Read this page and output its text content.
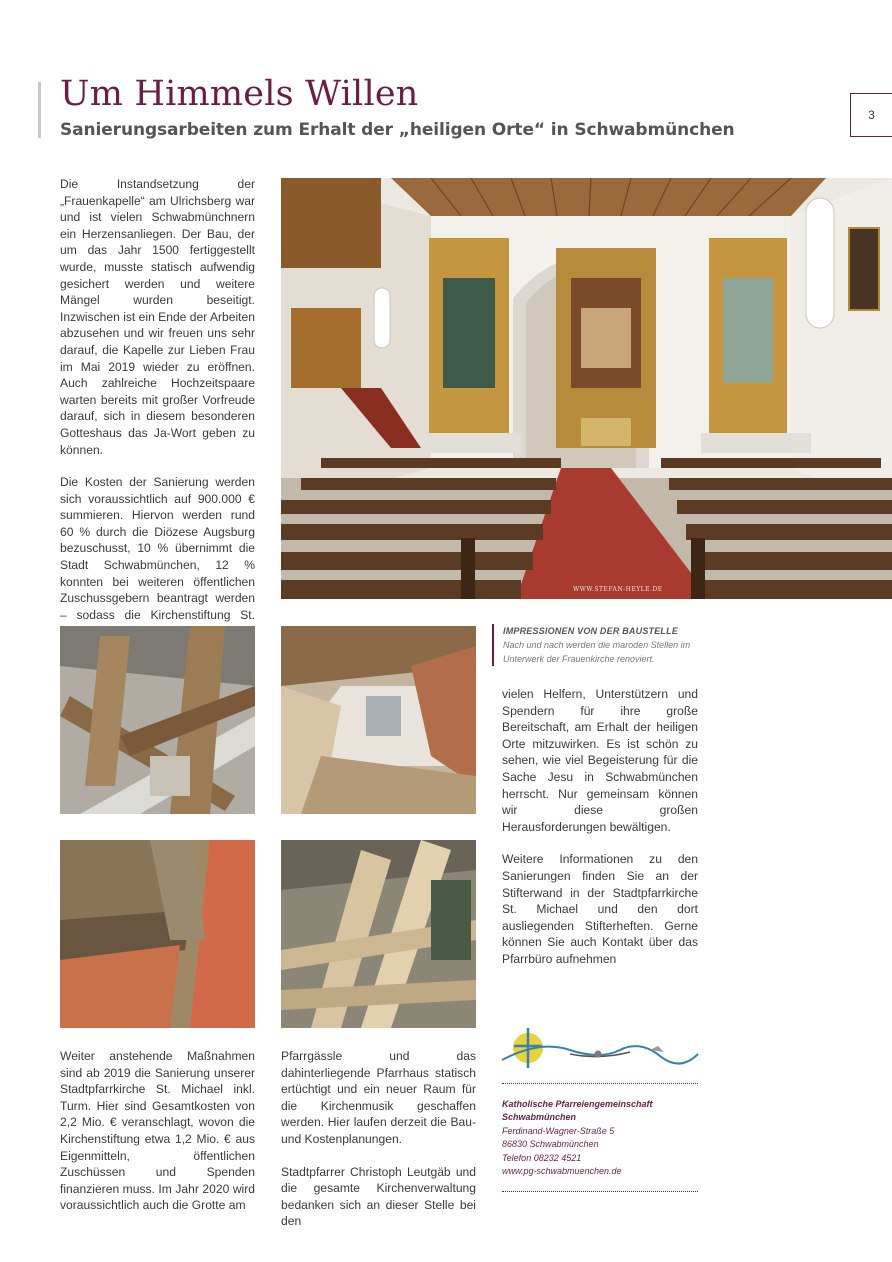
Um Himmels Willen
Sanierungsarbeiten zum Erhalt der „heiligen Orte“ in Schwabmünchen
3

Die Instandsetzung der „Frauenkapelle“ am Ulrichsberg war und ist vielen Schwabmünchnern ein Herzensanliegen. Der Bau, der um das Jahr 1500 fertiggestellt wurde, musste statisch aufwendig gesichert werden und weitere Mängel wurden beseitigt. Inzwischen ist ein Ende der Arbeiten abzusehen und wir freuen uns sehr darauf, die Kapelle zur Lieben Frau im Mai 2019 wieder zu eröffnen. Auch zahlreiche Hochzeitspaare warten bereits mit großer Vorfreude darauf, sich in diesem besonderen Gotteshaus das Ja-Wort geben zu können.

Die Kosten der Sanierung werden sich voraussichtlich auf 900.000 € summieren. Hiervon werden rund 60 % durch die Diözese Augsburg bezuschusst, 10 % übernimmt die Stadt Schwabmünchen, 12 % konnten bei weiteren öffentlichen Zuschussgebern beantragt werden – sodass die Kirchenstiftung St.

WWW.STEFAN-HEYLE.DE
IMPRESSIONEN VON DER BAUSTELLE
Nach und nach werden die maroden Stellen im Unterwerk der Frauenkirche renoviert.

vielen Helfern, Unterstützern und Spendern für ihre große Bereitschaft, am Erhalt der heiligen Orte mitzuwirken. Es ist schön zu sehen, wie viel Begeisterung für die Sache Jesu in Schwabmünchen herrscht. Nur gemeinsam können wir diese großen Herausforderungen bewältigen.

Weitere Informationen zu den Sanierungen finden Sie an der Stifterwand in der Stadtpfarrkirche St. Michael und den dort ausliegenden Stifterheften. Gerne können Sie auch Kontakt über das Pfarrbüro aufnehmen

Weiter anstehende Maßnahmen sind ab 2019 die Sanierung unserer Stadtpfarrkirche St. Michael inkl. Turm. Hier sind Gesamtkosten von 2,2 Mio. € veranschlagt, wovon die Kirchenstiftung etwa 1,2 Mio. € aus Eigenmitteln, öffentlichen Zuschüssen und Spenden finanzieren muss. Im Jahr 2020 wird voraussichtlich auch die Grotte am

Pfarrgässle und das dahinterliegende Pfarrhaus statisch ertüchtigt und ein neuer Raum für die Kirchenmusik geschaffen werden. Hier laufen derzeit die Bau- und Kostenplanungen.

Stadtpfarrer Christoph Leutgäb und die gesamte Kirchenverwaltung bedanken sich an dieser Stelle bei den

Katholische Pfarreiengemeinschaft
Schwabmünchen
Ferdinand-Wagner-Straße 5
86830 Schwabmünchen
Telefon 08232 4521
www.pg-schwabmuenchen.de
